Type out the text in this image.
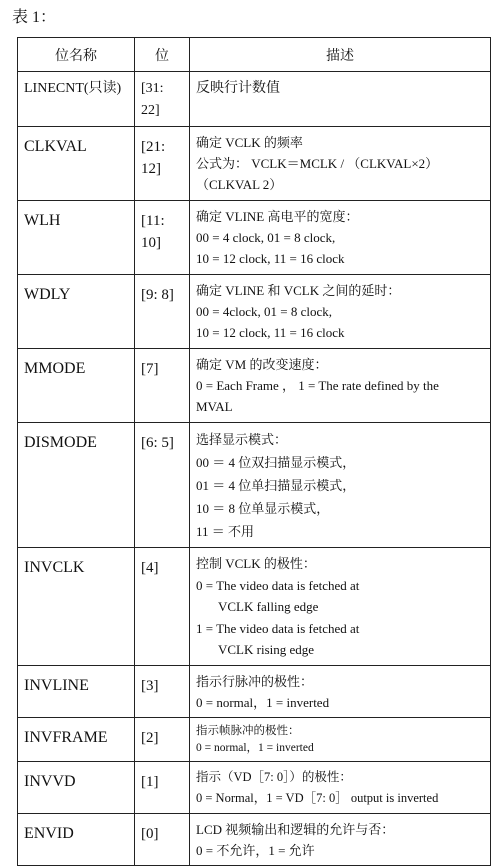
表 1：
位名称	位	描述
LINECNT(只读)	[31: 22]	反映行计数值

CLKVAL	[21: 12]	确定 VCLK 的频率
公式为： VCLK＝MCLK / （CLKVAL×2）
（CLKVAL 2）

WLH	[11: 10]	确定 VLINE 高电平的宽度：
00 = 4 clock, 01 = 8 clock,
10 = 12 clock, 11 = 16 clock

WDLY	[9: 8]	确定 VLINE 和 VCLK 之间的延时：
00 = 4clock, 01 = 8 clock,
10 = 12 clock, 11 = 16 clock

MMODE	[7]	确定 VM 的改变速度：
0 = Each Frame ， 1 = The rate defined by the
MVAL

DISMODE	[6: 5]	选择显示模式：
00 ＝ 4 位双扫描显示模式，
01 ＝ 4 位单扫描显示模式，
10 ＝ 8 位单显示模式，
11 ＝ 不用

INVCLK	[4]	控制 VCLK 的极性：
0 = The video data is fetched at
VCLK falling edge
1 = The video data is fetched at
VCLK rising edge

INVLINE	[3]	指示行脉冲的极性：
0 = normal，1 = inverted

INVFRAME	[2]	指示帧脉冲的极性：
0 = normal，1 = inverted

INVVD	[1]	指示（VD［7: 0］）的极性：
0 = Normal，1 = VD［7: 0］ output is inverted

ENVID	[0]	LCD 视频输出和逻辑的允许与否：
0 = 不允许，1 = 允许
